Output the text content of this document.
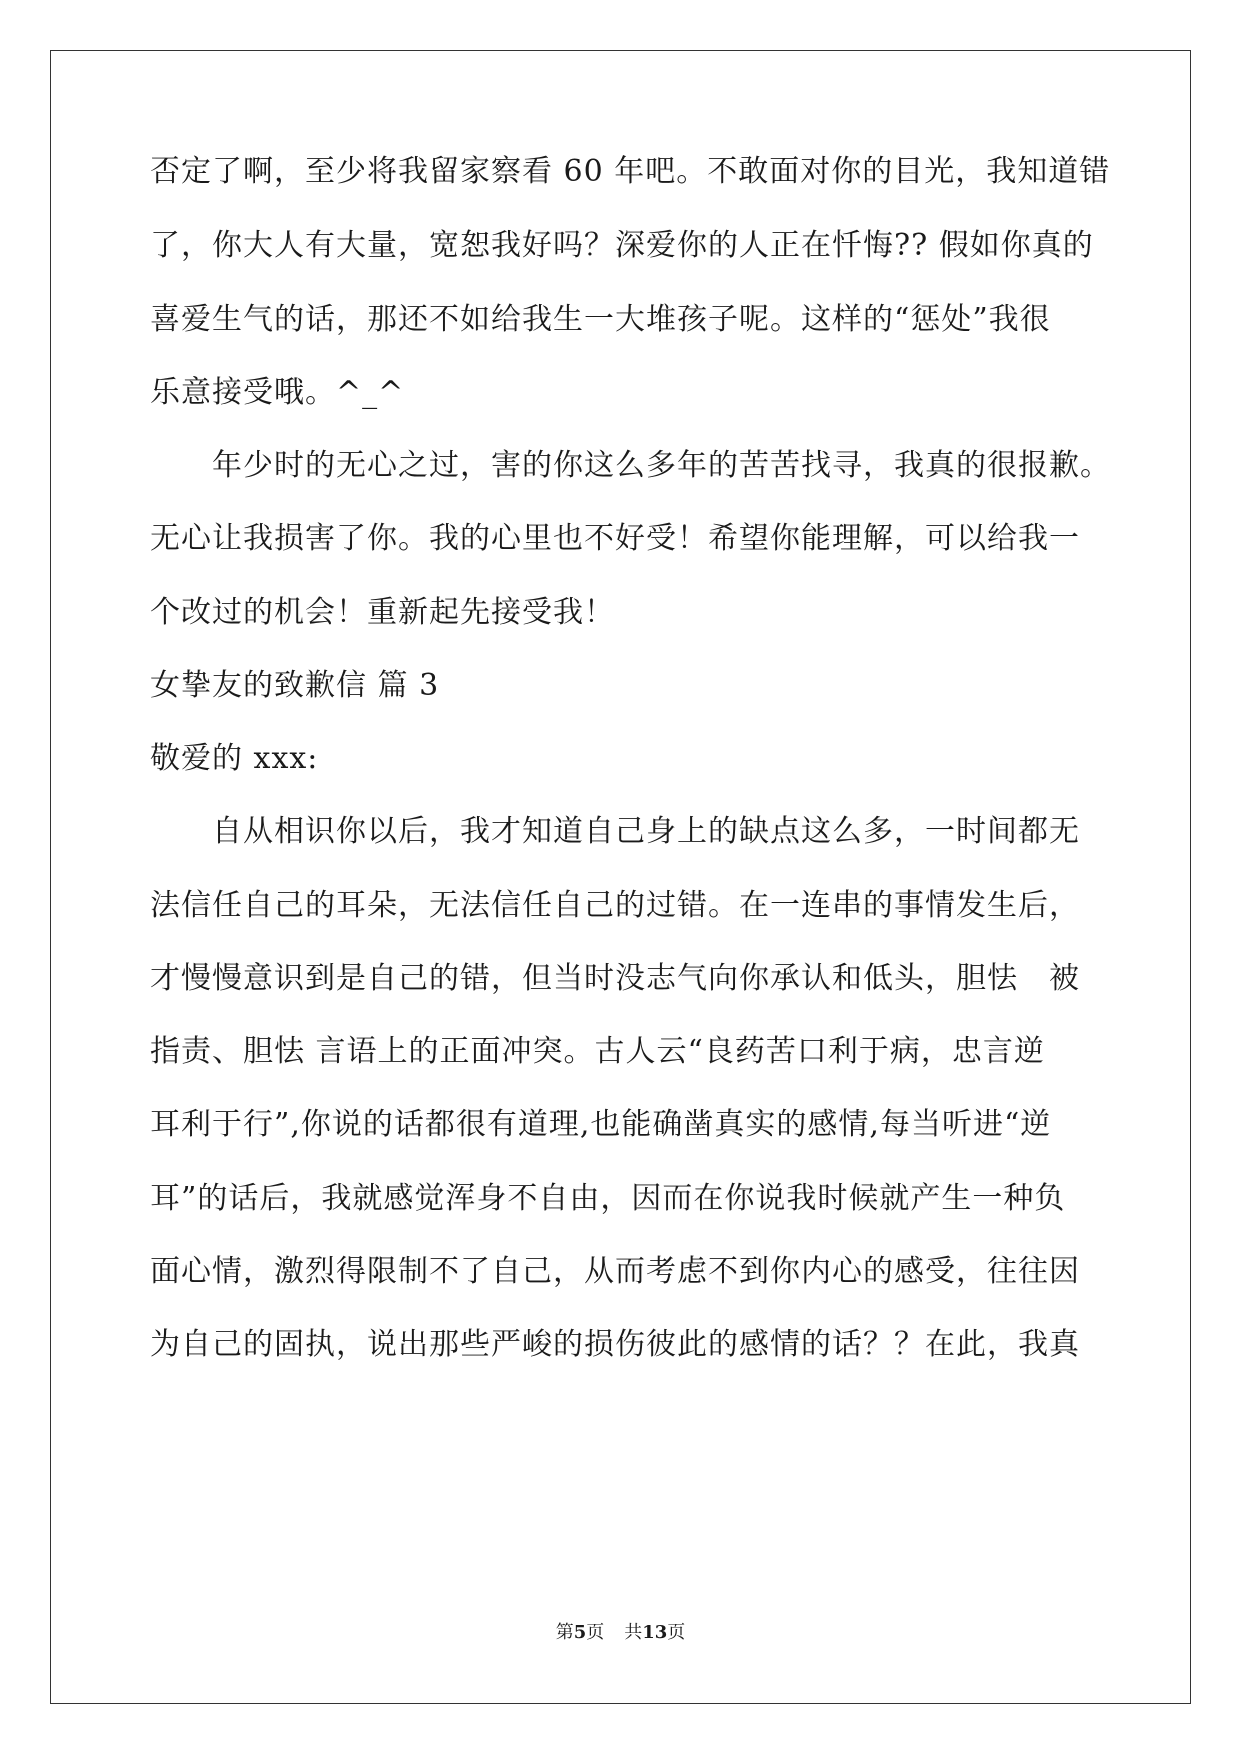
否定了啊，至少将我留家察看 60 年吧。不敢面对你的目光，我知道错
了，你大人有大量，宽恕我好吗？深爱你的人正在忏悔?? 假如你真的
喜爱生气的话，那还不如给我生一大堆孩子呢。这样的“惩处”我很
乐意接受哦。^_^
年少时的无心之过，害的你这么多年的苦苦找寻，我真的很报歉。
无心让我损害了你。我的心里也不好受！希望你能理解，可以给我一
个改过的机会！重新起先接受我！
女挚友的致歉信 篇 3
敬爱的 xxx:
自从相识你以后，我才知道自己身上的缺点这么多，一时间都无
法信任自己的耳朵，无法信任自己的过错。在一连串的事情发生后，
才慢慢意识到是自己的错，但当时没志气向你承认和低头，胆怯　被
指责、胆怯 言语上的正面冲突。古人云“良药苦口利于病，忠言逆
耳利于行”,你说的话都很有道理,也能确凿真实的感情,每当听进“逆
耳”的话后，我就感觉浑身不自由，因而在你说我时候就产生一种负
面心情，激烈得限制不了自己，从而考虑不到你内心的感受，往往因
为自己的固执，说出那些严峻的损伤彼此的感情的话？？在此，我真
第5页 共13页
